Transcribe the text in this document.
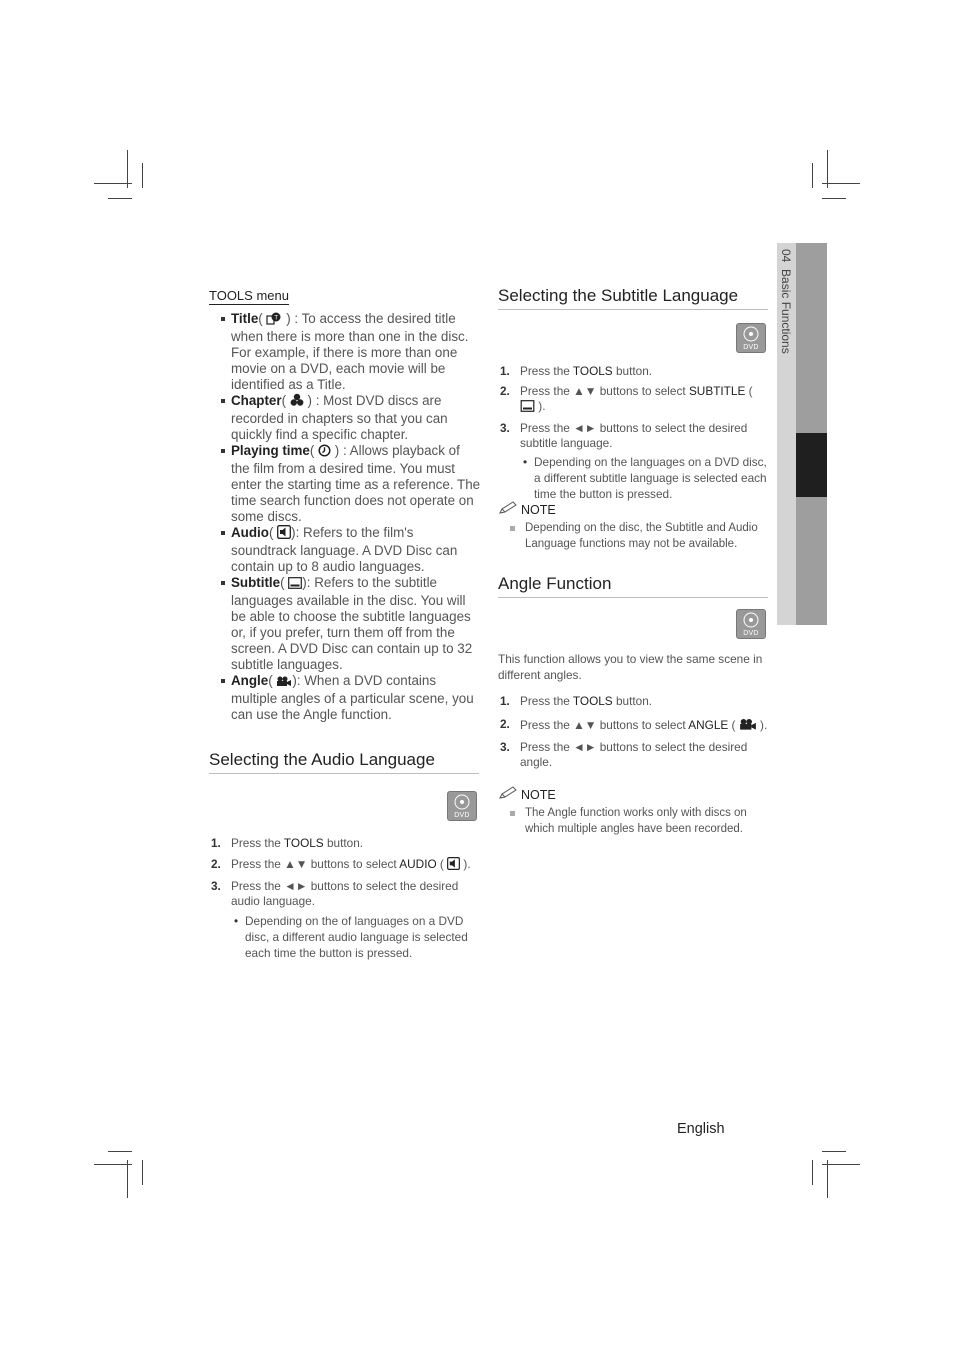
TOOLS menu
Title( T ) : To access the desired title when there is more than one in the disc. For example, if there is more than one movie on a DVD, each movie will be identified as a Title.
Chapter(  ) : Most DVD discs are recorded in chapters so that you can quickly find a specific chapter.
Playing time(  ) : Allows playback of the film from a desired time. You must enter the starting time as a reference. The time search function does not operate on some discs.
Audio( ): Refers to the film's soundtrack language. A DVD Disc can contain up to 8 audio languages.
Subtitle( ): Refers to the subtitle languages available in the disc. You will be able to choose the subtitle languages or, if you prefer, turn them off from the screen. A DVD Disc can contain up to 32 subtitle languages.
Angle( ): When a DVD contains multiple angles of a particular scene, you can use the Angle function.
Selecting the Audio Language
DVD
1. Press the TOOLS button.
2. Press the ▲▼ buttons to select AUDIO (  ).
3. Press the ◄► buttons to select the desired audio language.
• Depending on the of languages on a DVD disc, a different audio language is selected each time the button is pressed.
Selecting the Subtitle Language
DVD
1. Press the TOOLS button.
2. Press the ▲▼ buttons to select SUBTITLE (  ).
3. Press the ◄► buttons to select the desired subtitle language.
• Depending on the languages on a DVD disc, a different subtitle language is selected each time the button is pressed.
NOTE
Depending on the disc, the Subtitle and Audio Language functions may not be available.
Angle Function
DVD
This function allows you to view the same scene in different angles.
1. Press the TOOLS button.
2. Press the ▲▼ buttons to select ANGLE (  ).
3. Press the ◄► buttons to select the desired angle.
NOTE
The Angle function works only with discs on which multiple angles have been recorded.
04  Basic Functions
English
